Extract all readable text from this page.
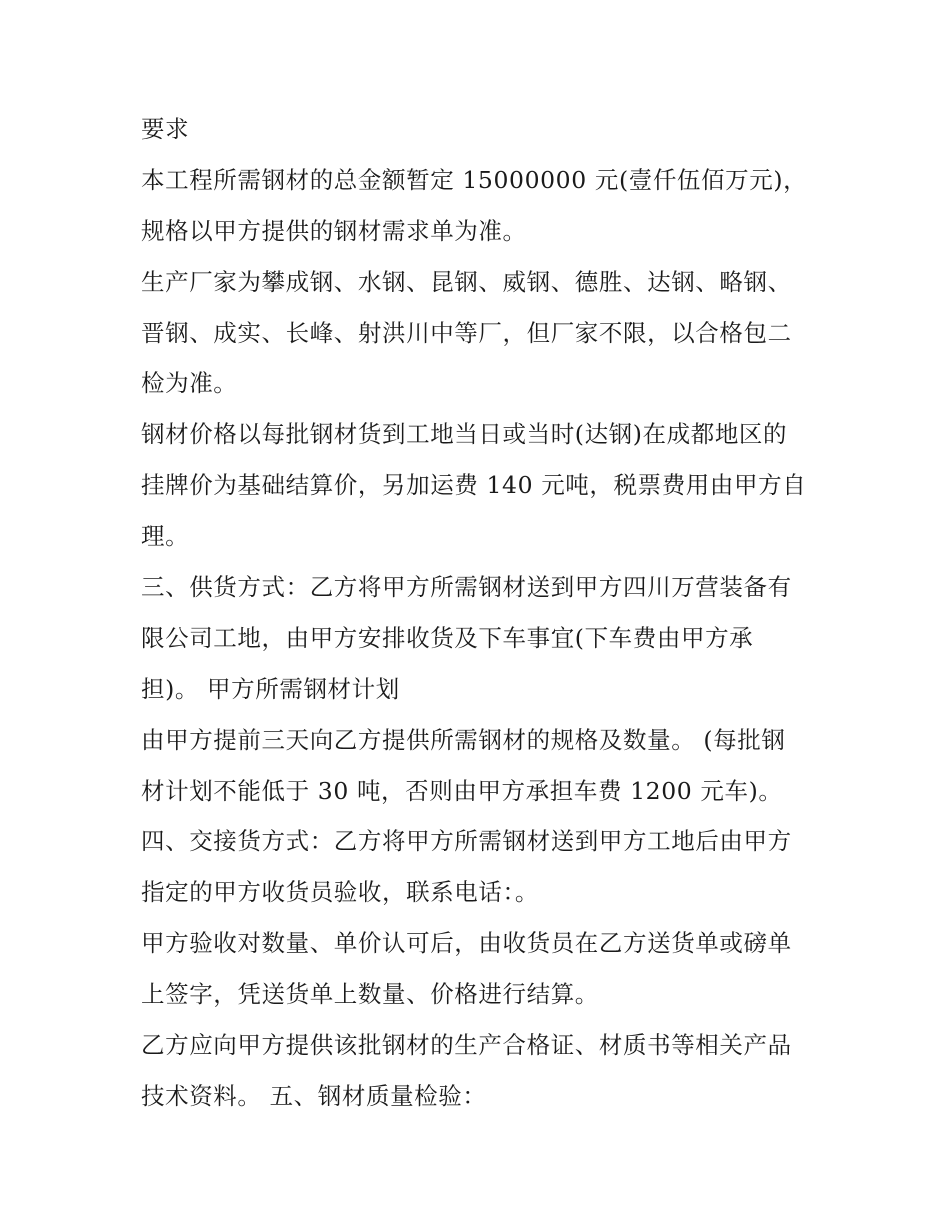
要求

本工程所需钢材的总金额暂定 15000000 元(壹仟伍佰万元)，

规格以甲方提供的钢材需求单为准。

生产厂家为攀成钢、水钢、昆钢、威钢、德胜、达钢、略钢、

晋钢、成实、长峰、射洪川中等厂，但厂家不限，以合格包二

检为准。

钢材价格以每批钢材货到工地当日或当时(达钢)在成都地区的

挂牌价为基础结算价，另加运费 140 元吨，税票费用由甲方自

理。

三、供货方式：乙方将甲方所需钢材送到甲方四川万营装备有

限公司工地，由甲方安排收货及下车事宜(下车费由甲方承

担)。 甲方所需钢材计划

由甲方提前三天向乙方提供所需钢材的规格及数量。 (每批钢

材计划不能低于 30 吨，否则由甲方承担车费 1200 元车)。

四、交接货方式：乙方将甲方所需钢材送到甲方工地后由甲方

指定的甲方收货员验收，联系电话：。

甲方验收对数量、单价认可后，由收货员在乙方送货单或磅单

上签字，凭送货单上数量、价格进行结算。

乙方应向甲方提供该批钢材的生产合格证、材质书等相关产品

技术资料。 五、钢材质量检验：
